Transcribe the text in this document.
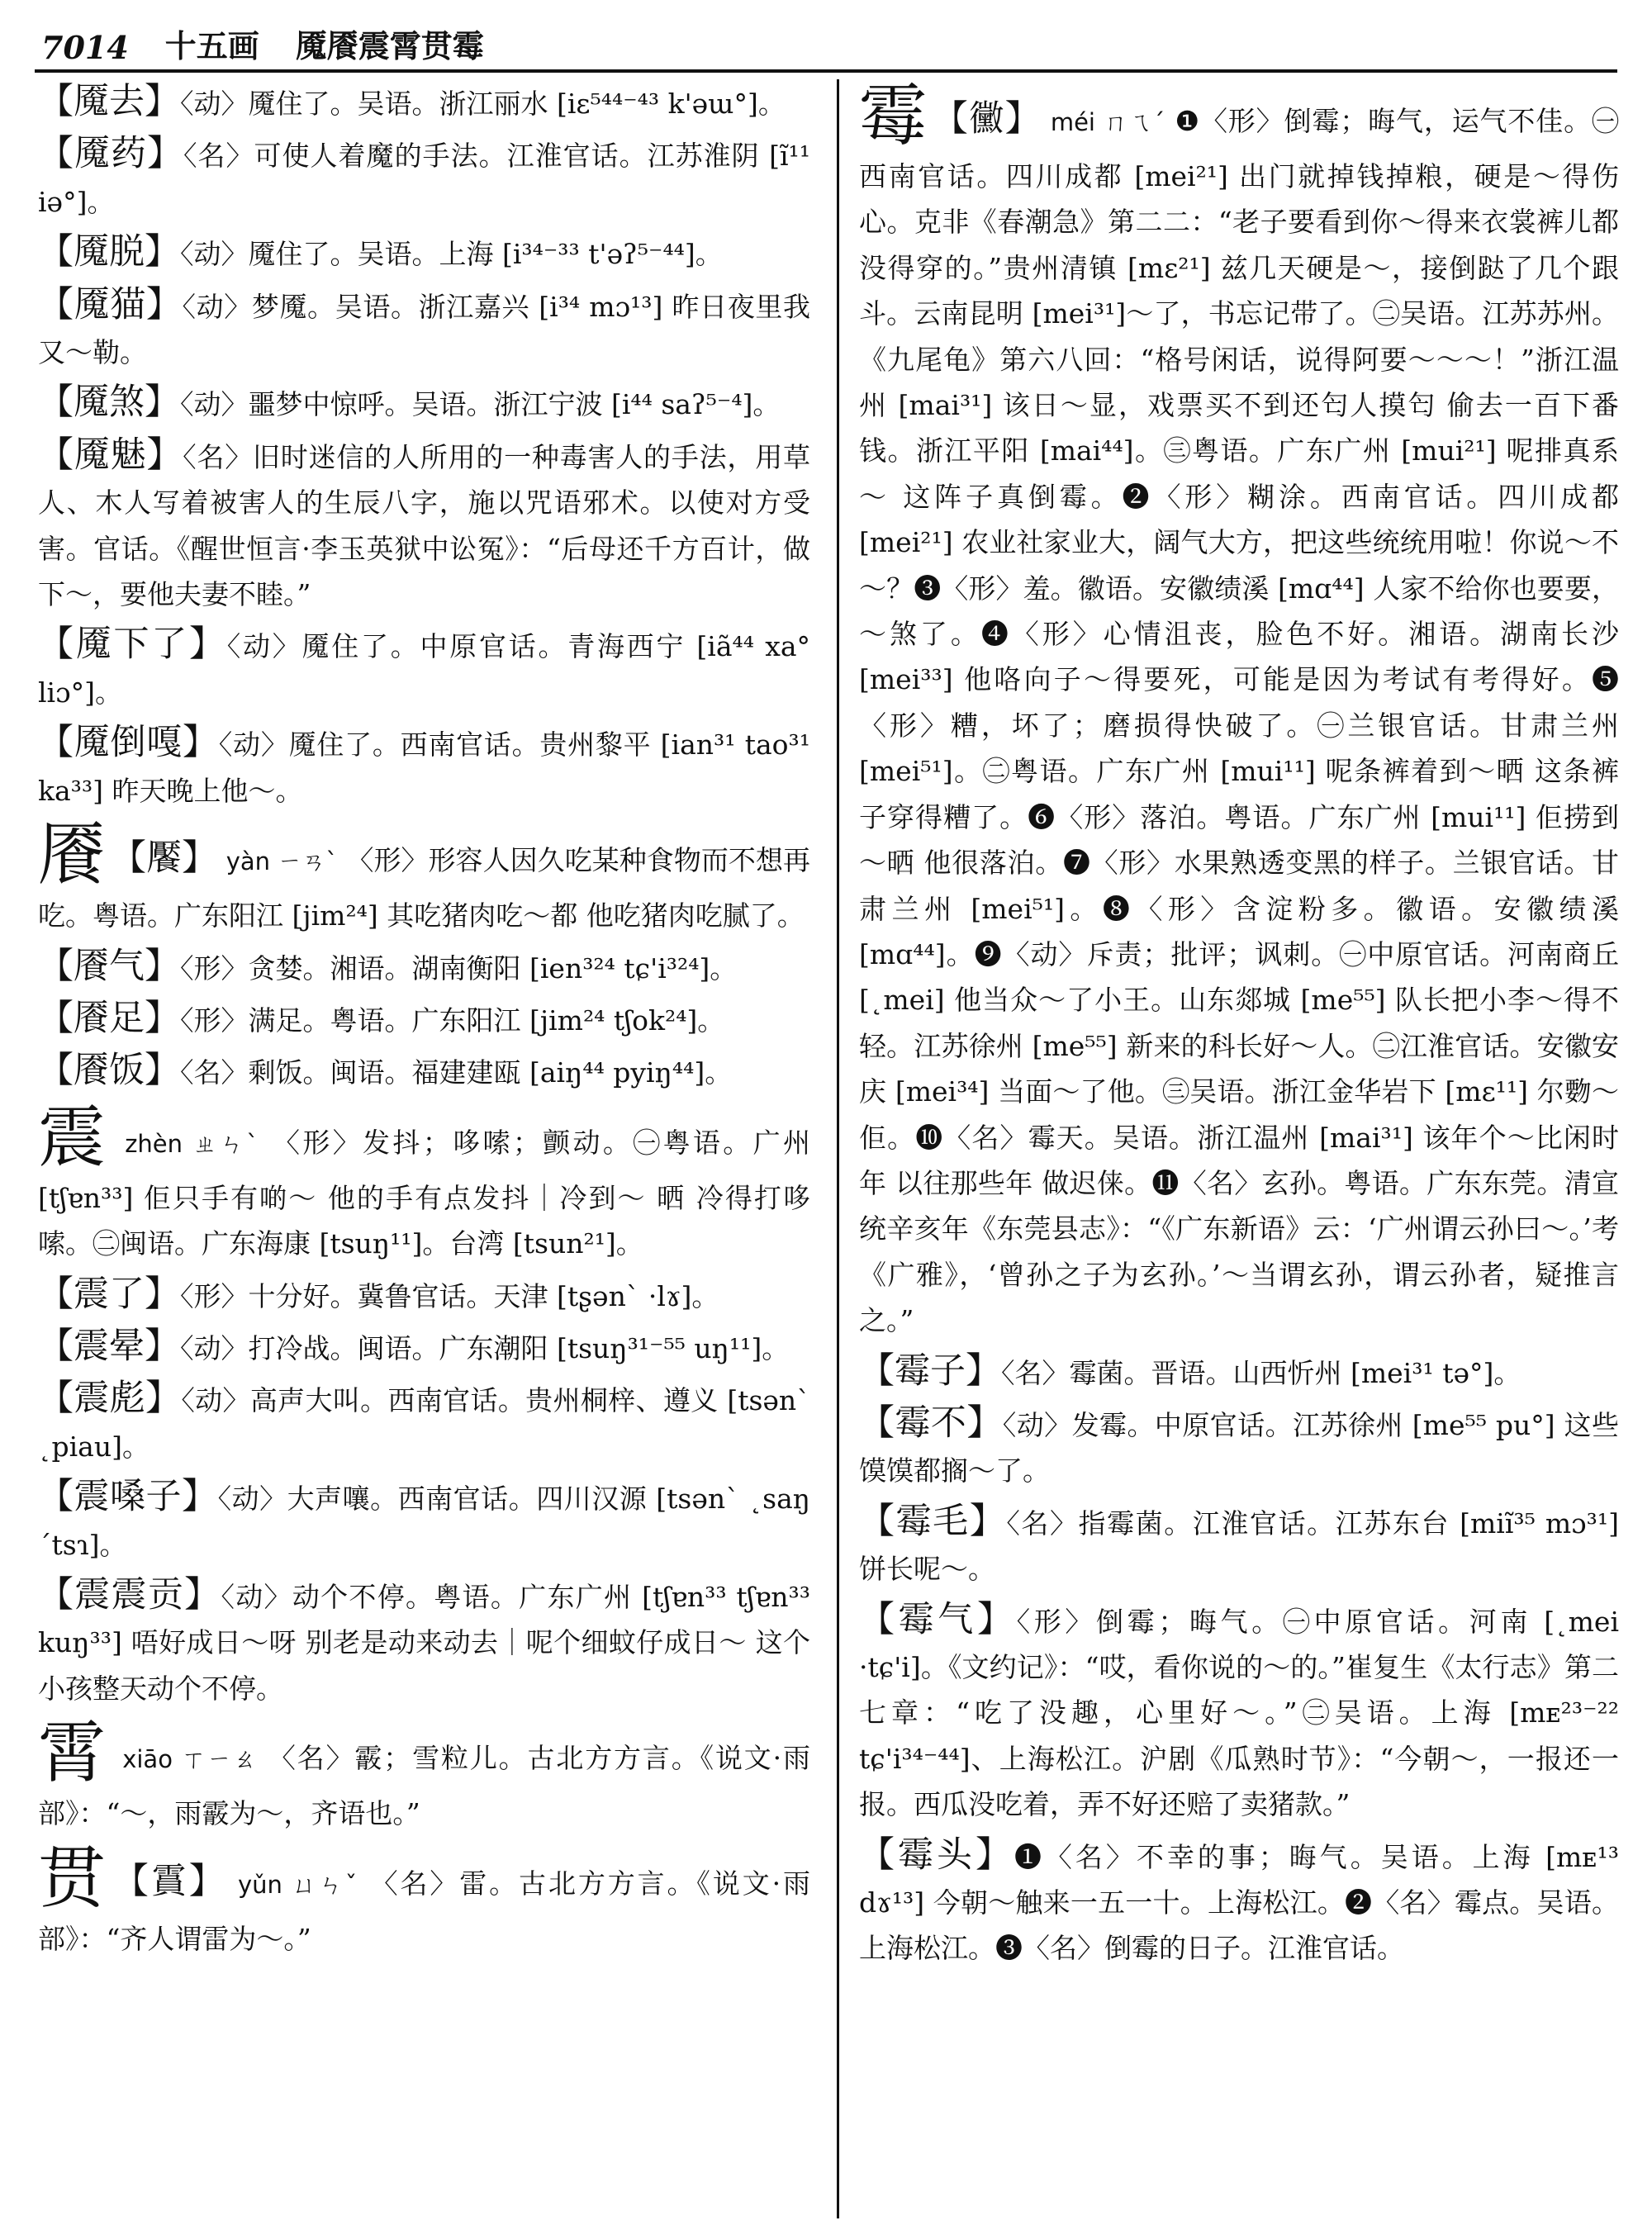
7014 十五画 魇餍震霄贯霉

【魇去】〈动〉魇住了。吴语。浙江丽水 [iɛ⁵⁴⁴⁻⁴³ k'əɯ°]。

【魇药】〈名〉可使人着魔的手法。江淮官话。江苏淮阴 [ĩ¹¹ iə°]。

【魇脱】〈动〉魇住了。吴语。上海 [i³⁴⁻³³ t'əʔ⁵⁻⁴⁴]。

【魇猫】〈动〉梦魇。吴语。浙江嘉兴 [i³⁴ mɔ¹³] 昨日夜里我又～勒。

【魇煞】〈动〉噩梦中惊呼。吴语。浙江宁波 [i⁴⁴ saʔ⁵⁻⁴]。

【魇魅】〈名〉旧时迷信的人所用的一种毒害人的手法，用草人、木人写着被害人的生辰八字，施以咒语邪术。以使对方受害。官话。《醒世恒言·李玉英狱中讼冤》：“后母还千方百计，做下～，要他夫妻不睦。”

【魇下了】〈动〉魇住了。中原官话。青海西宁 [iã⁴⁴ xa° liɔ°]。

【魇倒嘎】〈动〉魇住了。西南官话。贵州黎平 [ian³¹ tao³¹ ka³³] 昨天晚上他～。

餍 【饜】 yàn ㄧㄢˋ 〈形〉形容人因久吃某种食物而不想再吃。粤语。广东阳江 [jim²⁴] 其吃猪肉吃～都 他吃猪肉吃腻了。

【餍气】〈形〉贪婪。湘语。湖南衡阳 [ien³²⁴ tɕ'i³²⁴]。

【餍足】〈形〉满足。粤语。广东阳江 [jim²⁴ tʃok²⁴]。

【餍饭】〈名〉剩饭。闽语。福建建瓯 [aiŋ⁴⁴ pyiŋ⁴⁴]。

震 zhèn ㄓㄣˋ 〈形〉发抖；哆嗦；颤动。㊀粤语。广州 [tʃɐn³³] 佢只手有啲～ 他的手有点发抖｜冷到～ 晒 冷得打哆嗦。㊁闽语。广东海康 [tsuŋ¹¹]。台湾 [tsun²¹]。

【震了】〈形〉十分好。冀鲁官话。天津 [tʂənˋ ·lɤ]。

【震晕】〈动〉打冷战。闽语。广东潮阳 [tsuŋ³¹⁻⁵⁵ uŋ¹¹]。

【震彪】〈动〉高声大叫。西南官话。贵州桐梓、遵义 [tsənˋ ˛piau]。

【震嗓子】〈动〉大声嚷。西南官话。四川汉源 [tsənˋ ˛saŋ ˊtsɿ]。

【震震贡】〈动〉动个不停。粤语。广东广州 [tʃɐn³³ tʃɐn³³ kuŋ³³] 唔好成日～呀 别老是动来动去｜呢个细蚊仔成日～ 这个小孩整天动个不停。

霄 xiāo ㄒㄧㄠ 〈名〉霰；雪粒儿。古北方方言。《说文·雨部》：“～，雨霰为～，齐语也。”

贯 【霣】 yǔn ㄩㄣˇ 〈名〉雷。古北方方言。《说文·雨部》：“齐人谓雷为～。”

霉 【黴】 méi ㄇㄟˊ ❶〈形〉倒霉；晦气，运气不佳。㊀西南官话。四川成都 [mei²¹] 出门就掉钱掉粮，硬是～得伤心。克非《春潮急》第二二：“老子要看到你～得来衣裳裤儿都没得穿的。”贵州清镇 [mɛ²¹] 兹几天硬是～，接倒跶了几个跟斗。云南昆明 [mei³¹]～了，书忘记带了。㊁吴语。江苏苏州。《九尾龟》第六八回：“格号闲话，说得阿要～～～！”浙江温州 [mai³¹] 该日～显，戏票买不到还匄人摸匄 偷去一百下番钱。浙江平阳 [mai⁴⁴]。㊂粤语。广东广州 [mui²¹] 呢排真系～ 这阵子真倒霉。❷〈形〉糊涂。西南官话。四川成都 [mei²¹] 农业社家业大，阔气大方，把这些统统用啦！你说～不～？❸〈形〉羞。徽语。安徽绩溪 [mɑ⁴⁴] 人家不给你也要要，～煞了。❹〈形〉心情沮丧，脸色不好。湘语。湖南长沙 [mei³³] 他咯向子～得要死，可能是因为考试有考得好。❺〈形〉糟，坏了；磨损得快破了。㊀兰银官话。甘肃兰州 [mei⁵¹]。㊁粤语。广东广州 [mui¹¹] 呢条裤着到～晒 这条裤子穿得糟了。❻〈形〉落泊。粤语。广东广州 [mui¹¹] 佢捞到～晒 他很落泊。❼〈形〉水果熟透变黑的样子。兰银官话。甘肃兰州 [mei⁵¹]。❽〈形〉含淀粉多。徽语。安徽绩溪 [mɑ⁴⁴]。❾〈动〉斥责；批评；讽刺。㊀中原官话。河南商丘 [˛mei] 他当众～了小王。山东郯城 [me⁵⁵] 队长把小李～得不轻。江苏徐州 [me⁵⁵] 新来的科长好～人。㊁江淮官话。安徽安庆 [mei³⁴] 当面～了他。㊂吴语。浙江金华岩下 [mɛ¹¹] 尔覅～佢。❿〈名〉霉天。吴语。浙江温州 [mai³¹] 该年个～比闲时年 以往那些年 做迟俫。⓫〈名〉玄孙。粤语。广东东莞。清宣统辛亥年《东莞县志》：“《广东新语》云：‘广州谓云孙曰～。’考《广雅》，‘曾孙之子为玄孙。’～当谓玄孙，谓云孙者，疑推言之。”

【霉子】〈名〉霉菌。晋语。山西忻州 [mei³¹ tə°]。

【霉不】〈动〉发霉。中原官话。江苏徐州 [me⁵⁵ pu°] 这些馍馍都搁～了。

【霉毛】〈名〉指霉菌。江淮官话。江苏东台 [miĩ³⁵ mɔ³¹] 饼长呢～。

【霉气】〈形〉倒霉；晦气。㊀中原官话。河南 [˛mei ·tɕ'i]。《文约记》：“哎，看你说的～的。”崔复生《太行志》第二七章：“吃了没趣，心里好～。”㊁吴语。上海 [mᴇ²³⁻²² tɕ'i³⁴⁻⁴⁴]、上海松江。沪剧《瓜熟时节》：“今朝～，一报还一报。西瓜没吃着，弄不好还赔了卖猪款。”

【霉头】❶〈名〉不幸的事；晦气。吴语。上海 [mᴇ¹³ dɤ¹³] 今朝～触来一五一十。上海松江。❷〈名〉霉点。吴语。上海松江。❸〈名〉倒霉的日子。江淮官话。
